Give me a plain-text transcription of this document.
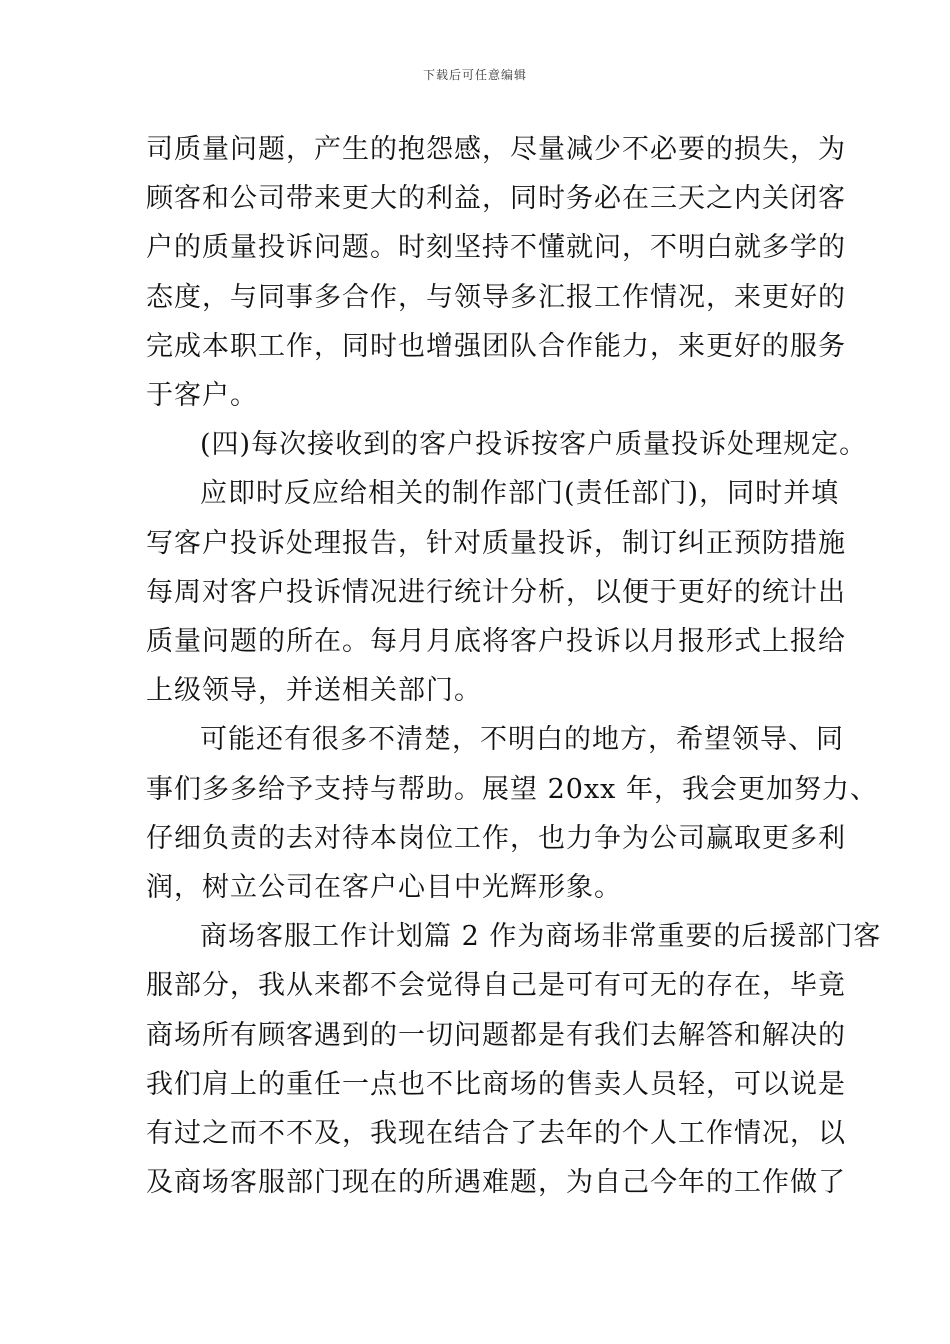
下载后可任意编辑
司质量问题，产生的抱怨感，尽量减少不必要的损失，为
顾客和公司带来更大的利益，同时务必在三天之内关闭客
户的质量投诉问题。时刻坚持不懂就问，不明白就多学的
态度，与同事多合作，与领导多汇报工作情况，来更好的
完成本职工作，同时也增强团队合作能力，来更好的服务
于客户。
(四)每次接收到的客户投诉按客户质量投诉处理规定。
应即时反应给相关的制作部门(责任部门)，同时并填
写客户投诉处理报告，针对质量投诉，制订纠正预防措施
每周对客户投诉情况进行统计分析，以便于更好的统计出
质量问题的所在。每月月底将客户投诉以月报形式上报给
上级领导，并送相关部门。
可能还有很多不清楚，不明白的地方，希望领导、同
事们多多给予支持与帮助。展望 20xx 年，我会更加努力、
仔细负责的去对待本岗位工作，也力争为公司赢取更多利
润，树立公司在客户心目中光辉形象。
商场客服工作计划篇 2 作为商场非常重要的后援部门客
服部分，我从来都不会觉得自己是可有可无的存在，毕竟
商场所有顾客遇到的一切问题都是有我们去解答和解决的
我们肩上的重任一点也不比商场的售卖人员轻，可以说是
有过之而不不及，我现在结合了去年的个人工作情况，以
及商场客服部门现在的所遇难题，为自己今年的工作做了
